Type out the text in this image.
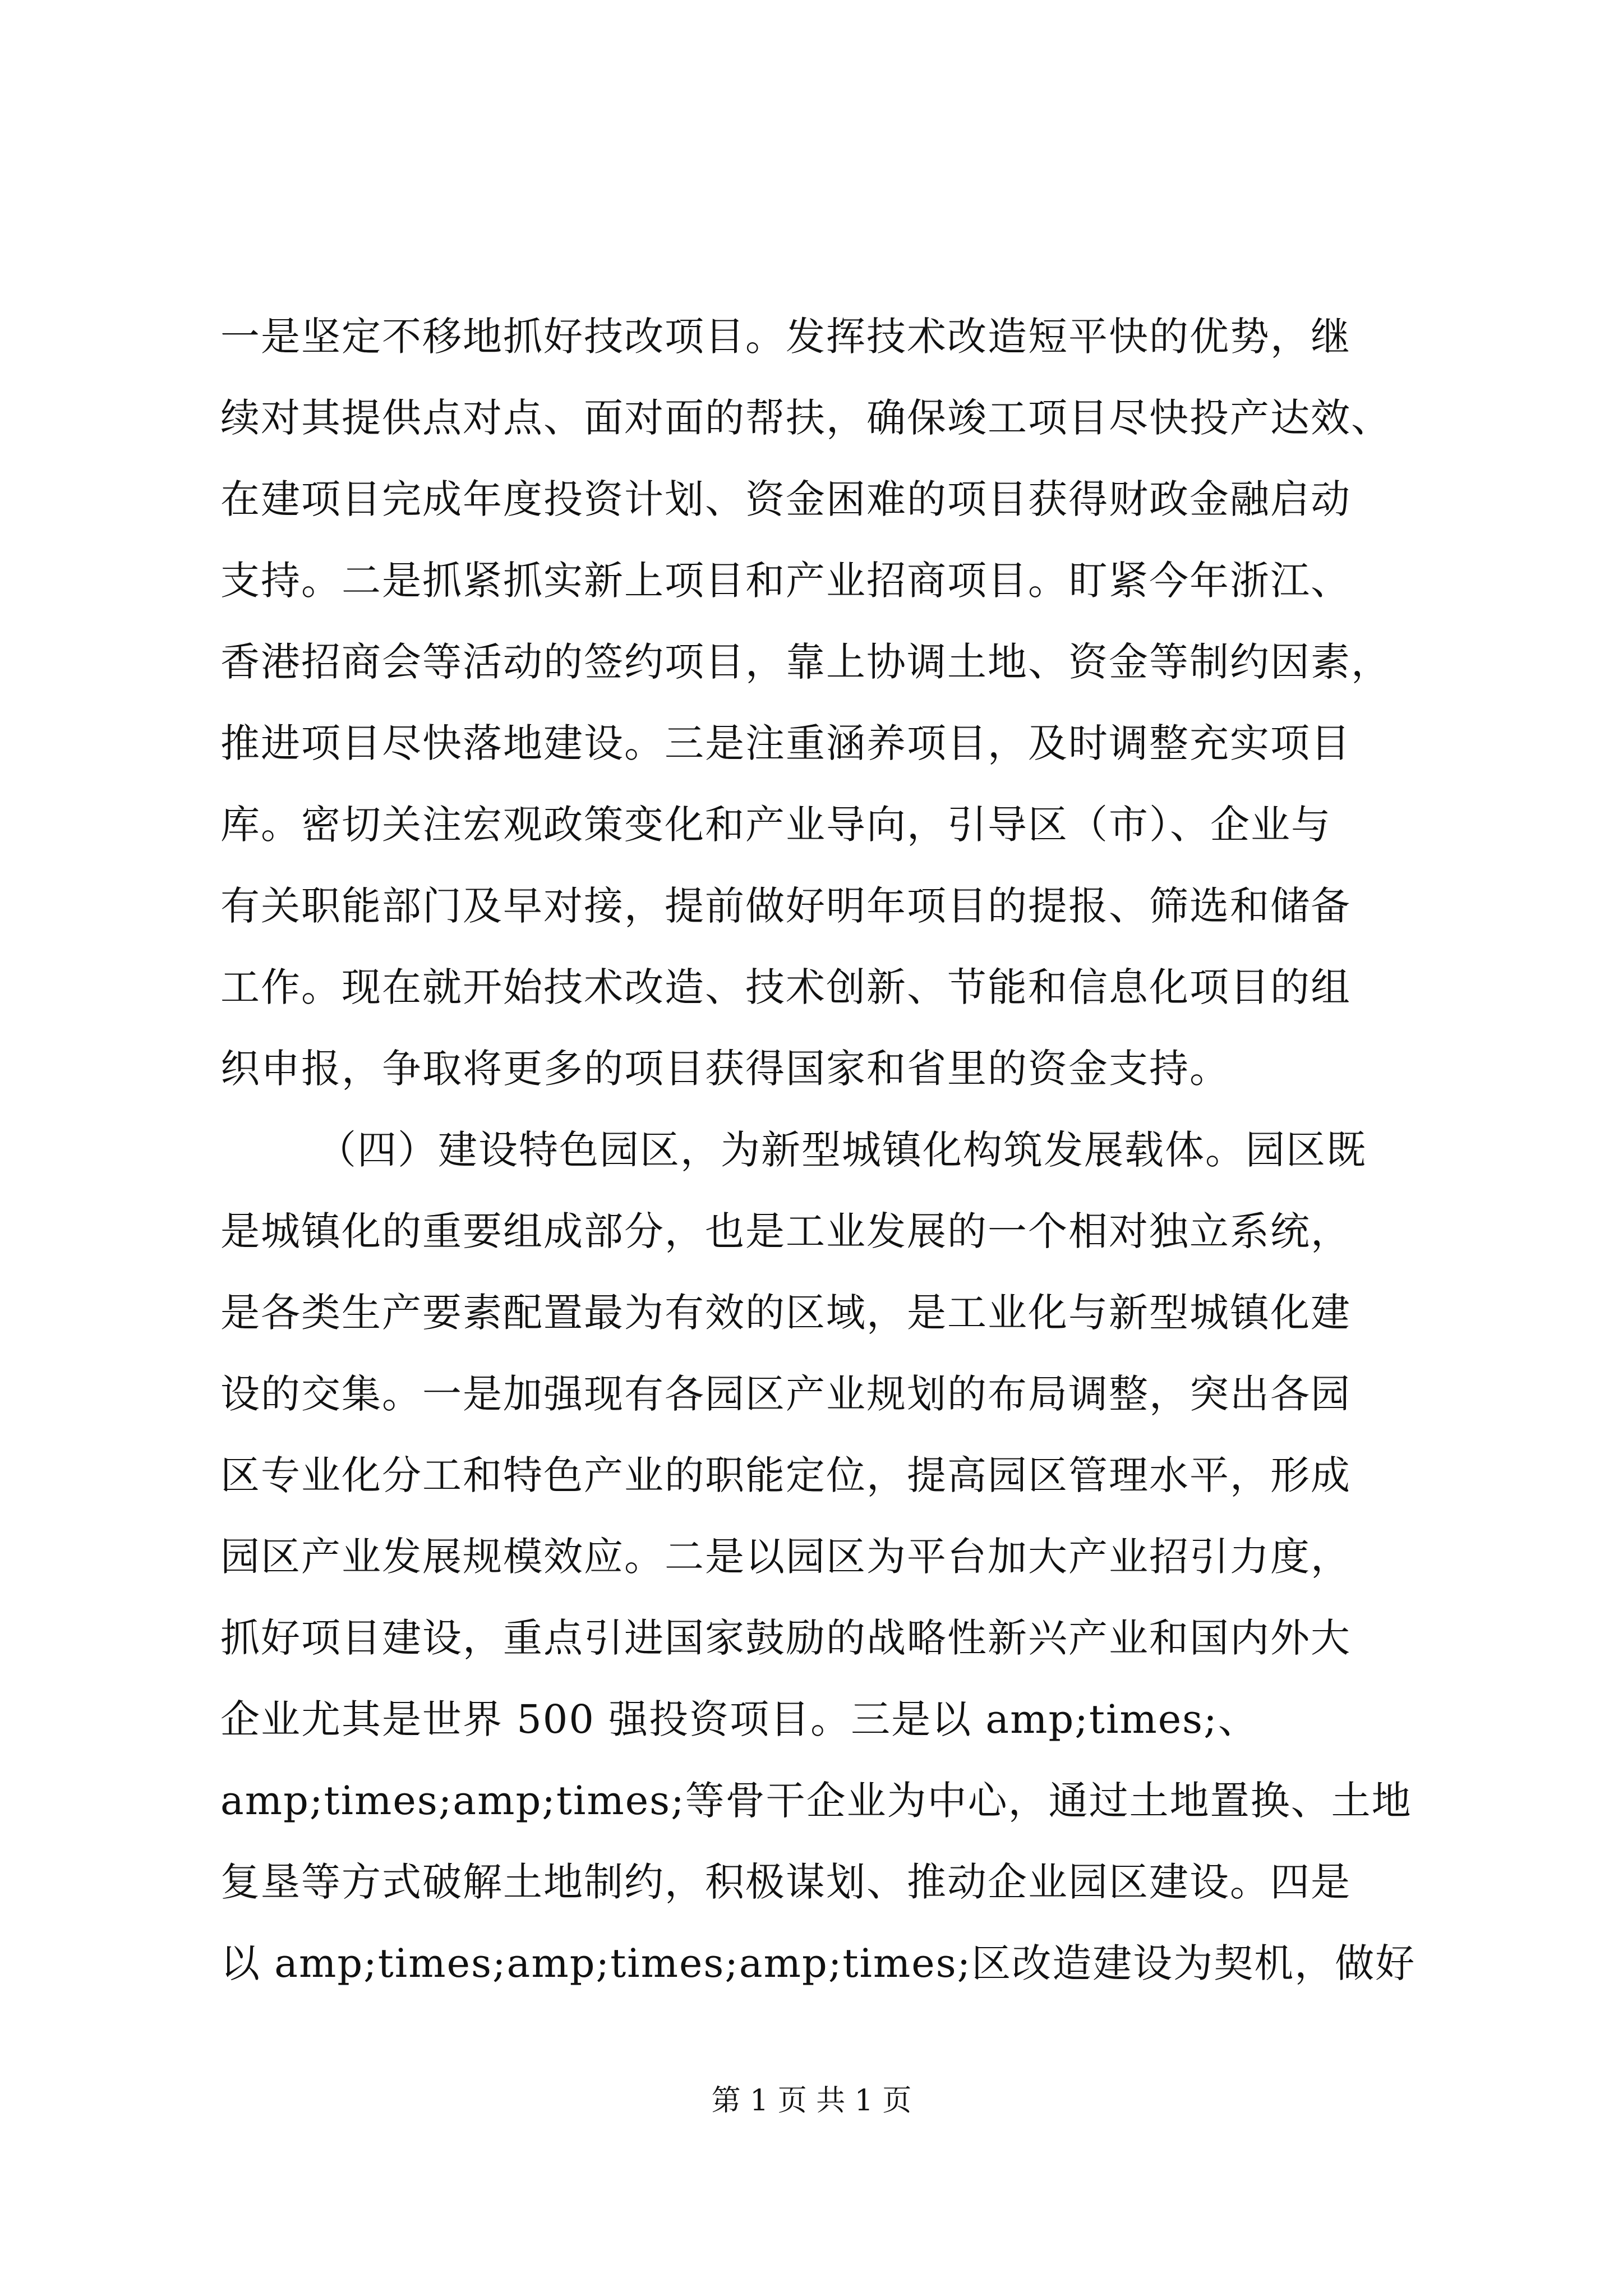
一是坚定不移地抓好技改项目。发挥技术改造短平快的优势，继
续对其提供点对点、面对面的帮扶，确保竣工项目尽快投产达效、
在建项目完成年度投资计划、资金困难的项目获得财政金融启动
支持。二是抓紧抓实新上项目和产业招商项目。盯紧今年浙江、
香港招商会等活动的签约项目，靠上协调土地、资金等制约因素，
推进项目尽快落地建设。三是注重涵养项目，及时调整充实项目
库。密切关注宏观政策变化和产业导向，引导区（市）、企业与
有关职能部门及早对接，提前做好明年项目的提报、筛选和储备
工作。现在就开始技术改造、技术创新、节能和信息化项目的组
织申报，争取将更多的项目获得国家和省里的资金支持。
（四）建设特色园区，为新型城镇化构筑发展载体。园区既
是城镇化的重要组成部分，也是工业发展的一个相对独立系统，
是各类生产要素配置最为有效的区域，是工业化与新型城镇化建
设的交集。一是加强现有各园区产业规划的布局调整，突出各园
区专业化分工和特色产业的职能定位，提高园区管理水平，形成
园区产业发展规模效应。二是以园区为平台加大产业招引力度，
抓好项目建设，重点引进国家鼓励的战略性新兴产业和国内外大
企业尤其是世界 500 强投资项目。三是以 amp;times;、
amp;times;amp;times;等骨干企业为中心，通过土地置换、土地
复垦等方式破解土地制约，积极谋划、推动企业园区建设。四是
以 amp;times;amp;times;amp;times;区改造建设为契机，做好
第 1 页 共 1 页
